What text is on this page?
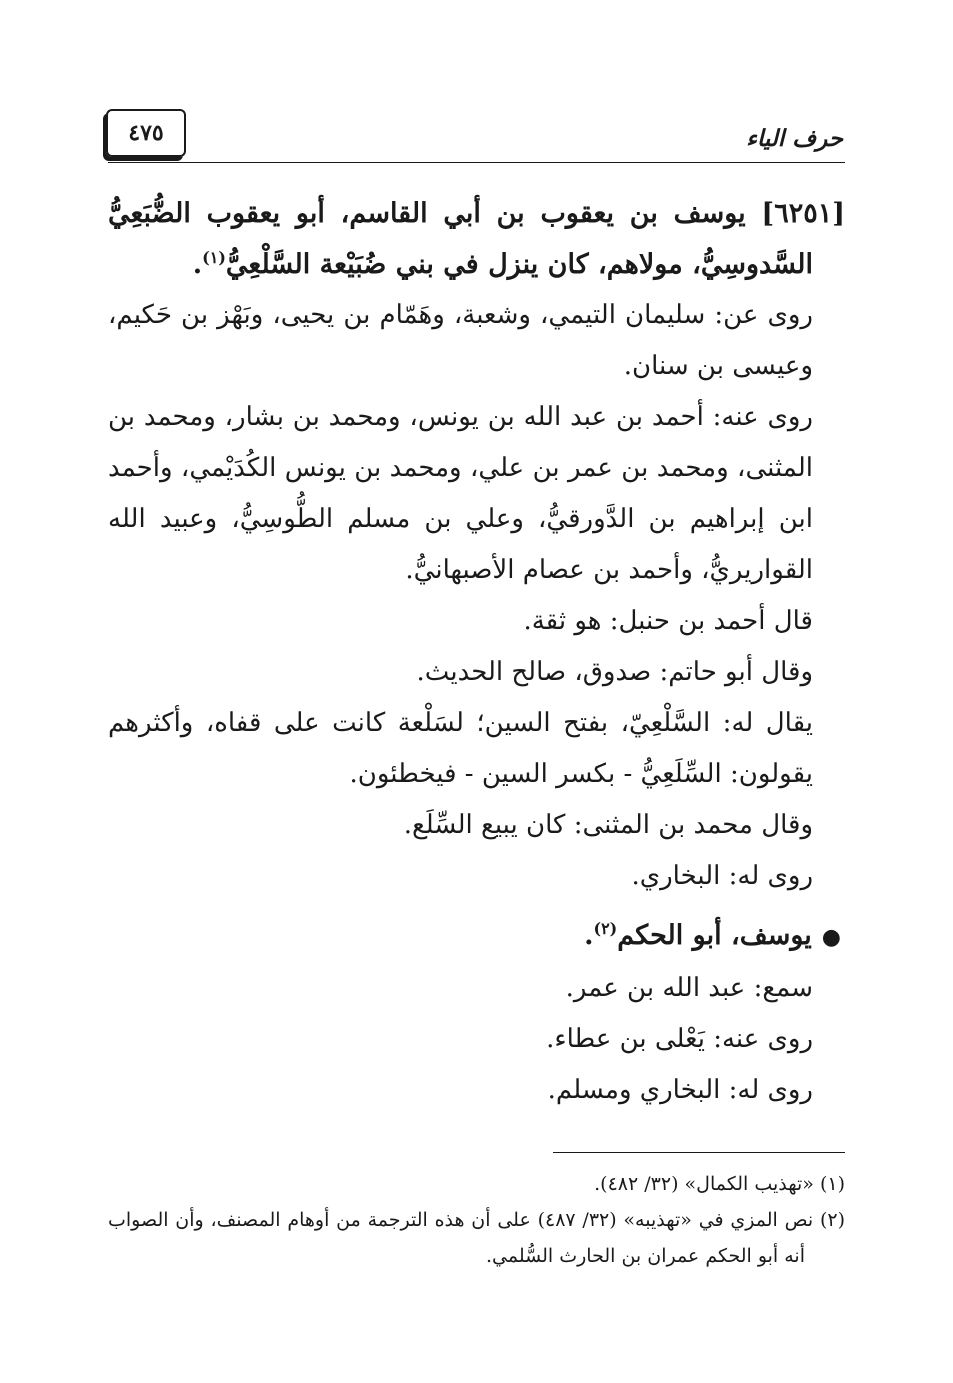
٤٧٥	حرف الياء

[٦٢٥١] يوسف بن يعقوب بن أبي القاسم، أبو يعقوب الضُّبَعِيُّ

السَّدوسِيُّ، مولاهم، كان ينزل في بني ضُبَيْعة السَّلْعِيُّ$^{(١)}$.

روى عن: سليمان التيمي، وشعبة، وهَمّام بن يحيى، وبَهْز بن حَكيم، وعيسى بن سنان.

روى عنه: أحمد بن عبد الله بن يونس، ومحمد بن بشار، ومحمد بن المثنى، ومحمد بن عمر بن علي، ومحمد بن يونس الكُدَيْمي، وأحمد ابن إبراهيم بن الدَّورقيُّ، وعلي بن مسلم الطُّوسِيُّ، وعبيد الله القواريريُّ، وأحمد بن عصام الأصبهانيُّ.

قال أحمد بن حنبل: هو ثقة.

وقال أبو حاتم: صدوق، صالح الحديث.

يقال له: السَّلْعِيّ، بفتح السين؛ لسَلْعة كانت على قفاه، وأكثرهم يقولون: السِّلَعِيُّ - بكسر السين - فيخطئون.

وقال محمد بن المثنى: كان يبيع السِّلَع.

روى له: البخاري.

●يوسف، أبو الحكم$^{(٢)}$.

سمع: عبد الله بن عمر.

روى عنه: يَعْلى بن عطاء.

روى له: البخاري ومسلم.

(١) «تهذيب الكمال» (٣٢/ ٤٨٢).

(٢) نص المزي في «تهذيبه» (٣٢/ ٤٨٧) على أن هذه الترجمة من أوهام المصنف، وأن الصواب

أنه أبو الحكم عمران بن الحارث السُّلمي.
